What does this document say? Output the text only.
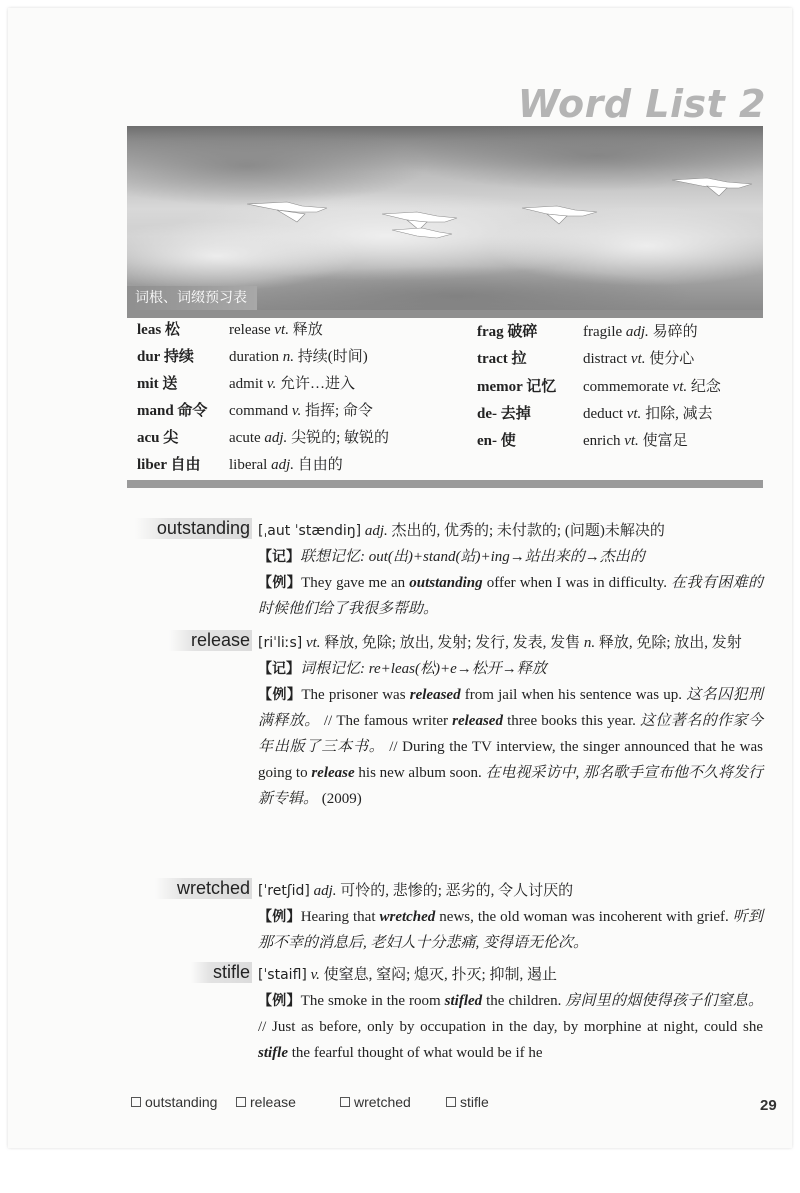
Word List 2
词根、词缀预习表
leas 松	release vt. 释放
dur 持续 duration n. 持续(时间)
mit 送	admit v. 允许…进入
mand 命令 command v. 指挥; 命令
acu 尖	acute adj. 尖锐的; 敏锐的
liber 自由 liberal adj. 自由的
frag 破碎	fragile adj. 易碎的
tract 拉	distract vt. 使分心
memor 记忆 commemorate vt. 纪念
de- 去掉	deduct vt. 扣除, 减去
en- 使	enrich vt. 使富足
outstanding [ˌaut ˈstændiŋ] adj. 杰出的, 优秀的; 未付款的; (问题)未解决的

【记】联想记忆: out(出)+stand(站)+ing→站出来的→杰出的

【例】They gave me an outstanding offer when I was in difficulty. 在我有困难的时候他们给了我很多帮助。

release [riˈliːs] vt. 释放, 免除; 放出, 发射; 发行, 发表, 发售 n. 释放, 免除; 放出, 发射

【记】词根记忆: re+leas(松)+e→松开→释放

【例】The prisoner was released from jail when his sentence was up. 这名囚犯刑满释放。 // The famous writer released three books this year. 这位著名的作家今年出版了三本书。 // During the TV interview, the singer announced that he was going to release his new album soon. 在电视采访中, 那名歌手宣布他不久将发行新专辑。 (2009)

wretched [ˈretʃid] adj. 可怜的, 悲惨的; 恶劣的, 令人讨厌的

【例】Hearing that wretched news, the old woman was incoherent with grief. 听到那不幸的消息后, 老妇人十分悲痛, 变得语无伦次。

stifle [ˈstaifl] v. 使窒息, 窒闷; 熄灭, 扑灭; 抑制, 遏止

【例】The smoke in the room stifled the children. 房间里的烟使得孩子们窒息。 // Just as before, only by occupation in the day, by morphine at night, could she stifle the fearful thought of what would be if he

outstanding	release	wretched	stifle	29
